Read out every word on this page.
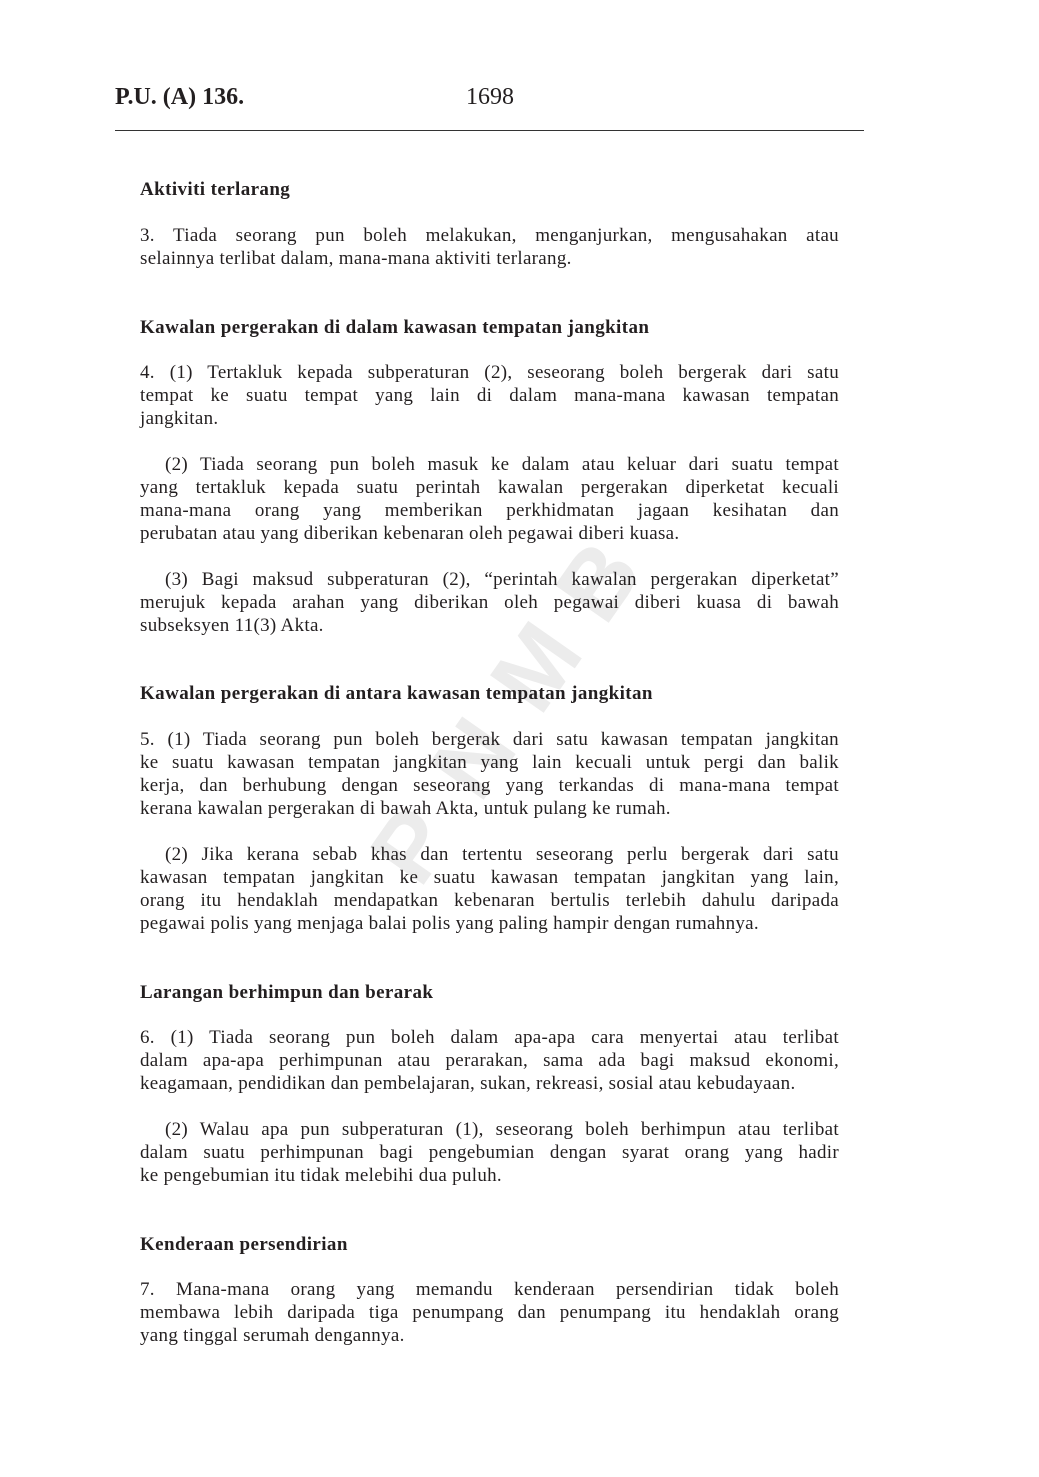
P
N
M
B
P.U. (A) 136.	1698
Aktiviti terlarang
3. Tiada seorang pun boleh melakukan, menganjurkan, mengusahakan atau
selainnya terlibat dalam, mana-mana aktiviti terlarang.
Kawalan pergerakan di dalam kawasan tempatan jangkitan
4. (1) Tertakluk kepada subperaturan (2), seseorang boleh bergerak dari satu
tempat ke suatu tempat yang lain di dalam mana-mana kawasan tempatan
jangkitan.
(2) Tiada seorang pun boleh masuk ke dalam atau keluar dari suatu tempat
yang tertakluk kepada suatu perintah kawalan pergerakan diperketat kecuali
mana-mana orang yang memberikan perkhidmatan jagaan kesihatan dan
perubatan atau yang diberikan kebenaran oleh pegawai diberi kuasa.
(3) Bagi maksud subperaturan (2), “perintah kawalan pergerakan diperketat”
merujuk kepada arahan yang diberikan oleh pegawai diberi kuasa di bawah
subseksyen 11(3) Akta.
Kawalan pergerakan di antara kawasan tempatan jangkitan
5. (1) Tiada seorang pun boleh bergerak dari satu kawasan tempatan jangkitan
ke suatu kawasan tempatan jangkitan yang lain kecuali untuk pergi dan balik
kerja, dan berhubung dengan seseorang yang terkandas di mana-mana tempat
kerana kawalan pergerakan di bawah Akta, untuk pulang ke rumah.
(2) Jika kerana sebab khas dan tertentu seseorang perlu bergerak dari satu
kawasan tempatan jangkitan ke suatu kawasan tempatan jangkitan yang lain,
orang itu hendaklah mendapatkan kebenaran bertulis terlebih dahulu daripada
pegawai polis yang menjaga balai polis yang paling hampir dengan rumahnya.
Larangan berhimpun dan berarak
6. (1) Tiada seorang pun boleh dalam apa-apa cara menyertai atau terlibat
dalam apa-apa perhimpunan atau perarakan, sama ada bagi maksud ekonomi,
keagamaan, pendidikan dan pembelajaran, sukan, rekreasi, sosial atau kebudayaan.
(2) Walau apa pun subperaturan (1), seseorang boleh berhimpun atau terlibat
dalam suatu perhimpunan bagi pengebumian dengan syarat orang yang hadir
ke pengebumian itu tidak melebihi dua puluh.
Kenderaan persendirian
7. Mana-mana orang yang memandu kenderaan persendirian tidak boleh
membawa lebih daripada tiga penumpang dan penumpang itu hendaklah orang
yang tinggal serumah dengannya.
